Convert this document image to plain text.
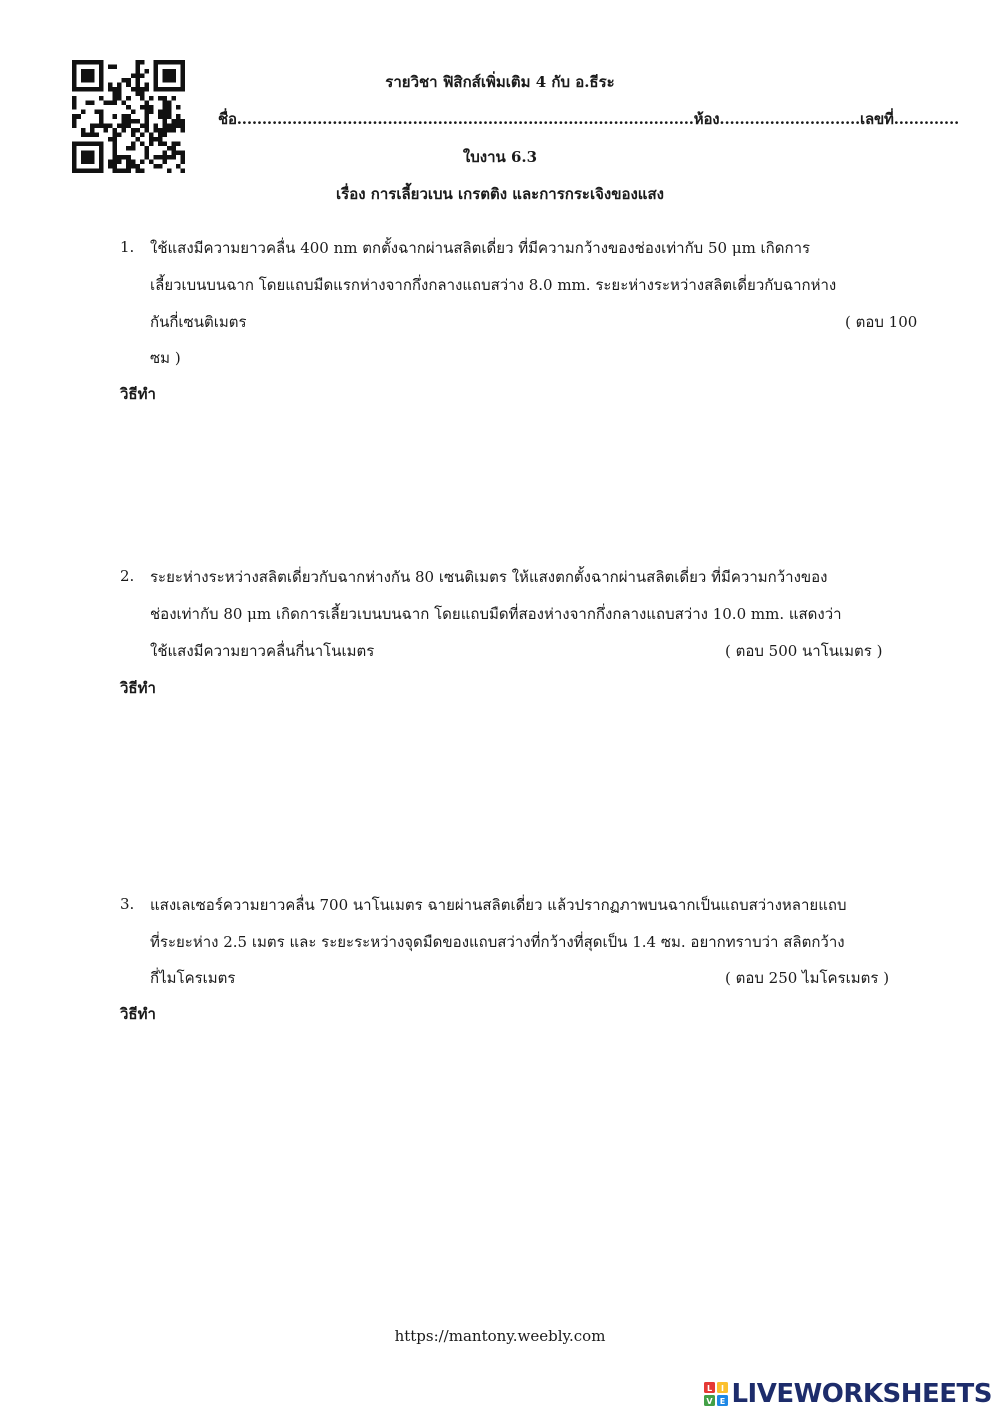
รายวิชา ฟิสิกส์เพิ่มเติม 4 กับ อ.ธีระ
ชื่อ...........................................................................................ห้อง............................เลขที่.............
ใบงาน 6.3
เรื่อง การเลี้ยวเบน เกรตติง และการกระเจิงของแสง
1. ใช้แสงมีความยาวคลื่น 400 nm ตกตั้งฉากผ่านสลิตเดี่ยว ที่มีความกว้างของช่องเท่ากับ 50 μm เกิดการ
เลี้ยวเบนบนฉาก โดยแถบมืดแรกห่างจากกึ่งกลางแถบสว่าง 8.0 mm. ระยะห่างระหว่างสลิตเดี่ยวกับฉากห่าง
กันกี่เซนติเมตร	( ตอบ 100
ซม )
วิธีทำ
2. ระยะห่างระหว่างสลิตเดี่ยวกับฉากห่างกัน 80 เซนติเมตร ให้แสงตกตั้งฉากผ่านสลิตเดี่ยว ที่มีความกว้างของ
ช่องเท่ากับ 80 μm เกิดการเลี้ยวเบนบนฉาก โดยแถบมืดที่สองห่างจากกึ่งกลางแถบสว่าง 10.0 mm. แสดงว่า
ใช้แสงมีความยาวคลื่นกี่นาโนเมตร	( ตอบ 500 นาโนเมตร )
วิธีทำ
3. แสงเลเซอร์ความยาวคลื่น 700 นาโนเมตร ฉายผ่านสลิตเดี่ยว แล้วปรากฏภาพบนฉากเป็นแถบสว่างหลายแถบ
ที่ระยะห่าง 2.5 เมตร และ ระยะระหว่างจุดมืดของแถบสว่างที่กว้างที่สุดเป็น 1.4 ซม. อยากทราบว่า สลิตกว้าง
กี่ไมโครเมตร	( ตอบ 250 ไมโครเมตร )
วิธีทำ
https://mantony.weebly.com
L I
V E LIVEWORKSHEETS
